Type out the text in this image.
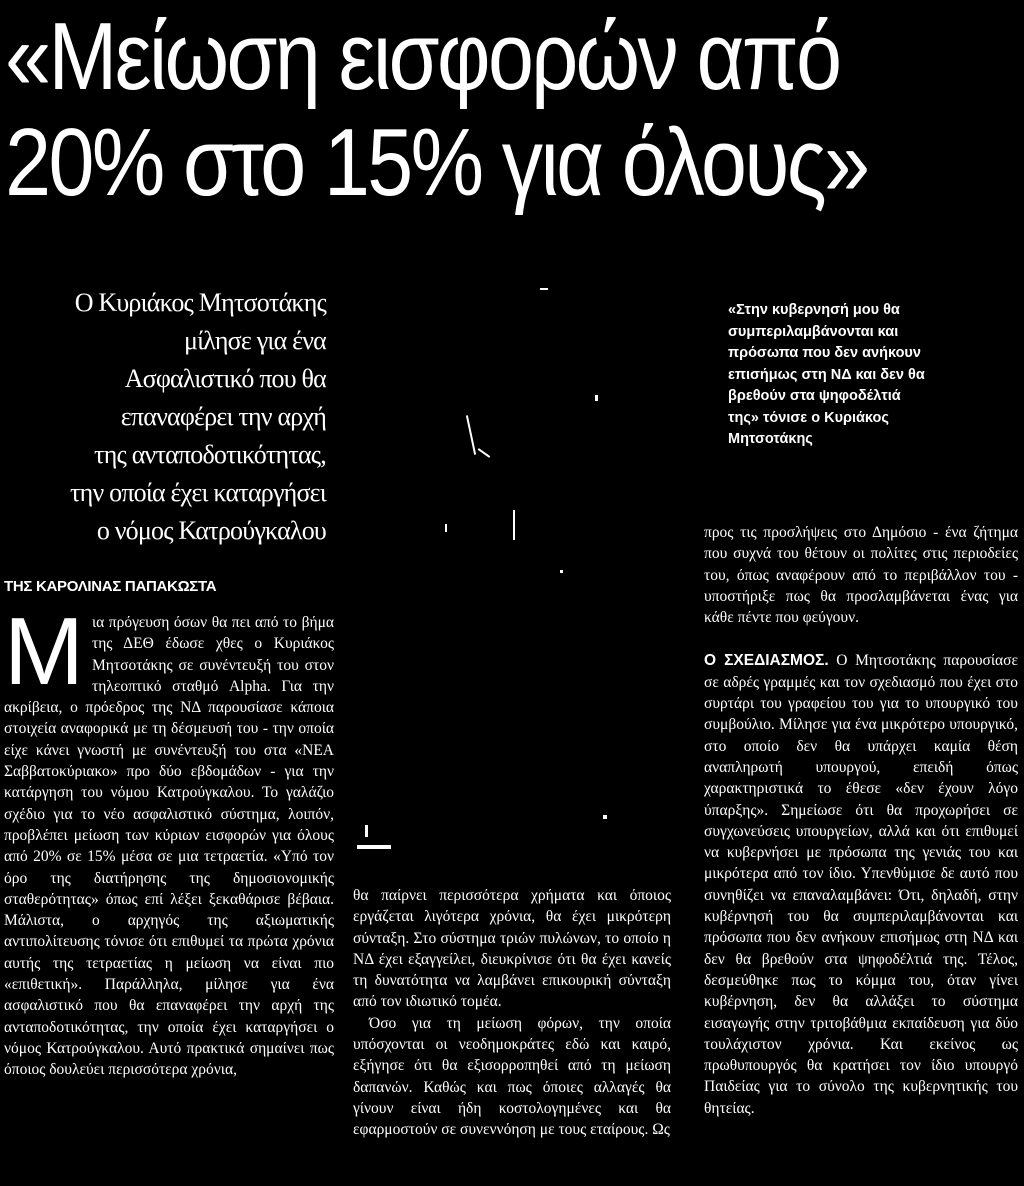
«Μείωση εισφορών από
20% στο 15% για όλους»
Ο Κυριάκος Μητσοτάκης
μίλησε για ένα
Ασφαλιστικό που θα
επαναφέρει την αρχή
της ανταποδοτικότητας,
την οποία έχει καταργήσει
ο νόμος Κατρούγκαλου
ΤΗΣ ΚΑΡΟΛΙΝΑΣ ΠΑΠΑΚΩΣΤΑ

Μια πρόγευση όσων θα πει από το βήμα της ΔΕΘ έδωσε χθες ο Κυριάκος Μητσοτάκης σε συνέντευξή του στον τηλεοπτικό σταθμό Alpha. Για την ακρίβεια, ο πρόεδρος της ΝΔ παρουσίασε κάποια στοιχεία αναφορικά με τη δέσμευσή του - την οποία είχε κάνει γνωστή με συνέντευξή του στα «ΝΕΑ Σαββατοκύριακο» προ δύο εβδομάδων - για την κατάργηση του νόμου Κατρούγκαλου. Το γαλάζιο σχέδιο για το νέο ασφαλιστικό σύστημα, λοιπόν, προβλέπει μείωση των κύριων εισφορών για όλους από 20% σε 15% μέσα σε μια τετραετία. «Υπό τον όρο της διατήρησης της δημοσιονομικής σταθερότητας» όπως επί λέξει ξεκαθάρισε βέβαια. Μάλιστα, ο αρχηγός της αξιωματικής αντιπολίτευσης τόνισε ότι επιθυμεί τα πρώτα χρόνια αυτής της τετραετίας η μείωση να είναι πιο «επιθετική». Παράλληλα, μίλησε για ένα ασφαλιστικό που θα επαναφέρει την αρχή της ανταποδοτικότητας, την οποία έχει καταργήσει ο νόμος Κατρούγκαλου. Αυτό πρακτικά σημαίνει πως όποιος δουλεύει περισσότερα χρόνια,

«Στην κυβερνησή μου θα
συμπεριλαμβάνονται και
πρόσωπα που δεν ανήκουν
επισήμως στη ΝΔ και δεν θα
βρεθούν στα ψηφοδέλτιά
της» τόνισε ο Κυριάκος
Μητσοτάκης

θα παίρνει περισσότερα χρήματα και όποιος εργάζεται λιγότερα χρόνια, θα έχει μικρότερη σύνταξη. Στο σύστημα τριών πυλώνων, το οποίο η ΝΔ έχει εξαγγείλει, διευκρίνισε ότι θα έχει κανείς τη δυνατότητα να λαμβάνει επικουρική σύνταξη από τον ιδιωτικό τομέα.

Όσο για τη μείωση φόρων, την οποία υπόσχονται οι νεοδημοκράτες εδώ και καιρό, εξήγησε ότι θα εξισορροπηθεί από τη μείωση δαπανών. Καθώς και πως όποιες αλλαγές θα γίνουν είναι ήδη κοστολογημένες και θα εφαρμοστούν σε συνεννόηση με τους εταίρους. Ως

προς τις προσλήψεις στο Δημόσιο - ένα ζήτημα που συχνά του θέτουν οι πολίτες στις περιοδείες του, όπως αναφέρουν από το περιβάλλον του - υποστήριξε πως θα προσλαμβάνεται ένας για κάθε πέντε που φεύγουν.

Ο ΣΧΕΔΙΑΣΜΟΣ. Ο Μητσοτάκης παρουσίασε σε αδρές γραμμές και τον σχεδιασμό που έχει στο συρτάρι του γραφείου του για το υπουργικό του συμβούλιο. Μίλησε για ένα μικρότερο υπουργικό, στο οποίο δεν θα υπάρχει καμία θέση αναπληρωτή υπουργού, επειδή όπως χαρακτηριστικά το έθεσε «δεν έχουν λόγο ύπαρξης». Σημείωσε ότι θα προχωρήσει σε συγχωνεύσεις υπουργείων, αλλά και ότι επιθυμεί να κυβερνήσει με πρόσωπα της γενιάς του και μικρότερα από τον ίδιο. Υπενθύμισε δε αυτό που συνηθίζει να επαναλαμβάνει: Ότι, δηλαδή, στην κυβέρνησή του θα συμπεριλαμβάνονται και πρόσωπα που δεν ανήκουν επισήμως στη ΝΔ και δεν θα βρεθούν στα ψηφοδέλτιά της. Τέλος, δεσμεύθηκε πως το κόμμα του, όταν γίνει κυβέρνηση, δεν θα αλλάξει το σύστημα εισαγωγής στην τριτοβάθμια εκπαίδευση για δύο τουλάχιστον χρόνια. Και εκείνος ως πρωθυπουργός θα κρατήσει τον ίδιο υπουργό Παιδείας για το σύνολο της κυβερνητικής του θητείας.
